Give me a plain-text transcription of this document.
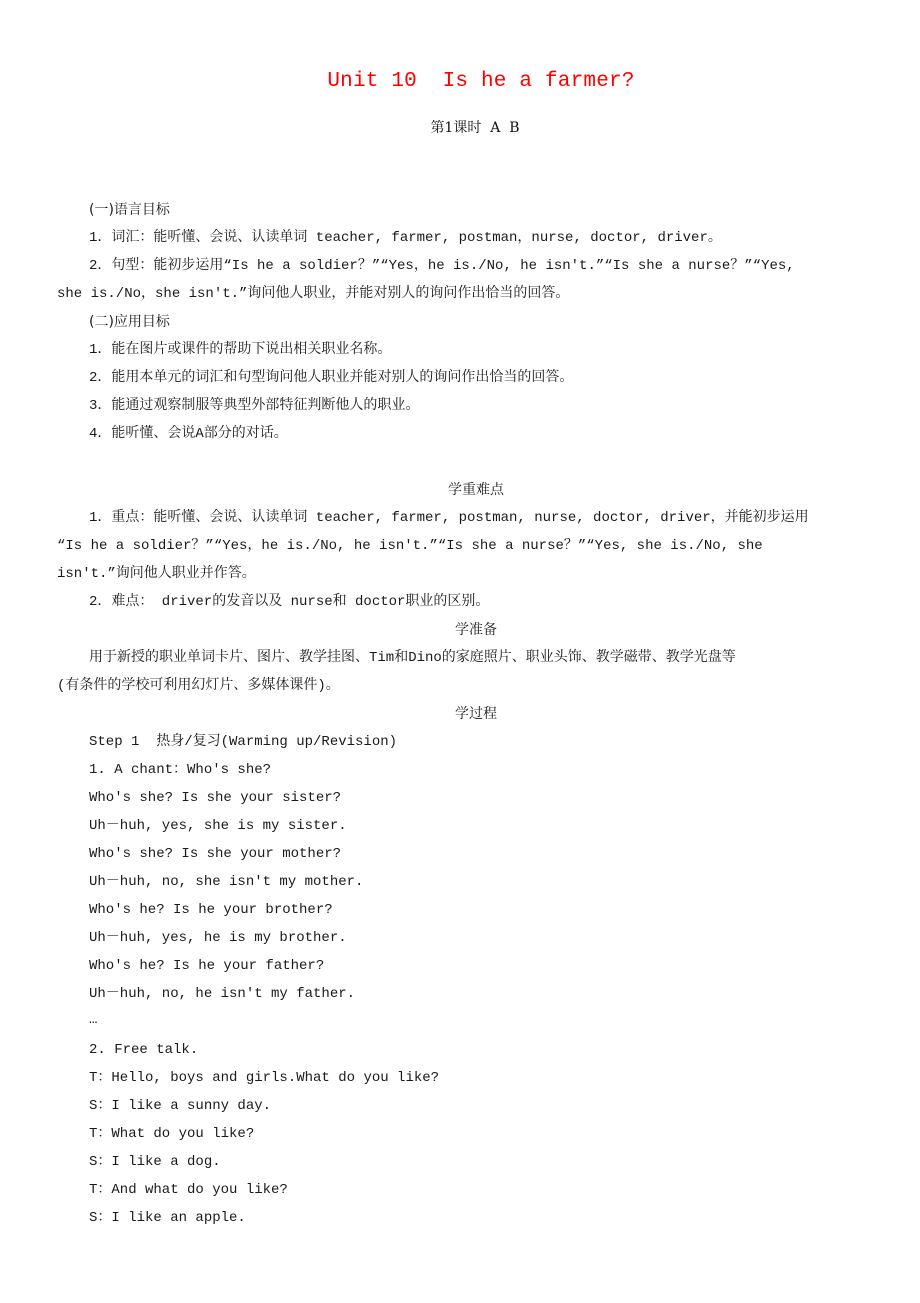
Unit 10  Is he a farmer?
第1课时  A  B
(一)语言目标
1．词汇：能听懂、会说、认读单词 teacher, farmer, postman，nurse, doctor, driver。
2．句型：能初步运用“Is he a soldier？”“Yes，he is./No, he isn't.”“Is she a nurse？”“Yes,
she is./No，she isn't.”询问他人职业，并能对别人的询问作出恰当的回答。
(二)应用目标
1．能在图片或课件的帮助下说出相关职业名称。
2．能用本单元的词汇和句型询问他人职业并能对别人的询问作出恰当的回答。
3．能通过观察制服等典型外部特征判断他人的职业。
4．能听懂、会说A部分的对话。
学重难点
1．重点：能听懂、会说、认读单词 teacher, farmer, postman, nurse, doctor, driver，并能初步运用
“Is he a soldier？”“Yes，he is./No, he isn't.”“Is she a nurse？”“Yes, she is./No, she
isn't.”询问他人职业并作答。
2．难点： driver的发音以及 nurse和 doctor职业的区别。
学准备
用于新授的职业单词卡片、图片、教学挂图、Tim和Dino的家庭照片、职业头饰、教学磁带、教学光盘等
(有条件的学校可利用幻灯片、多媒体课件)。
学过程
Step 1  热身/复习(Warming up/Revision)
1. A chant：Who's she?
Who's she? Is she your sister?
Uh－huh, yes, she is my sister.
Who's she? Is she your mother?
Uh－huh, no, she isn't my mother.
Who's he? Is he your brother?
Uh－huh, yes, he is my brother.
Who's he? Is he your father?
Uh－huh, no, he isn't my father.
…
2. Free talk.
T：Hello, boys and girls.What do you like?
S：I like a sunny day.
T：What do you like?
S：I like a dog.
T：And what do you like?
S：I like an apple.
